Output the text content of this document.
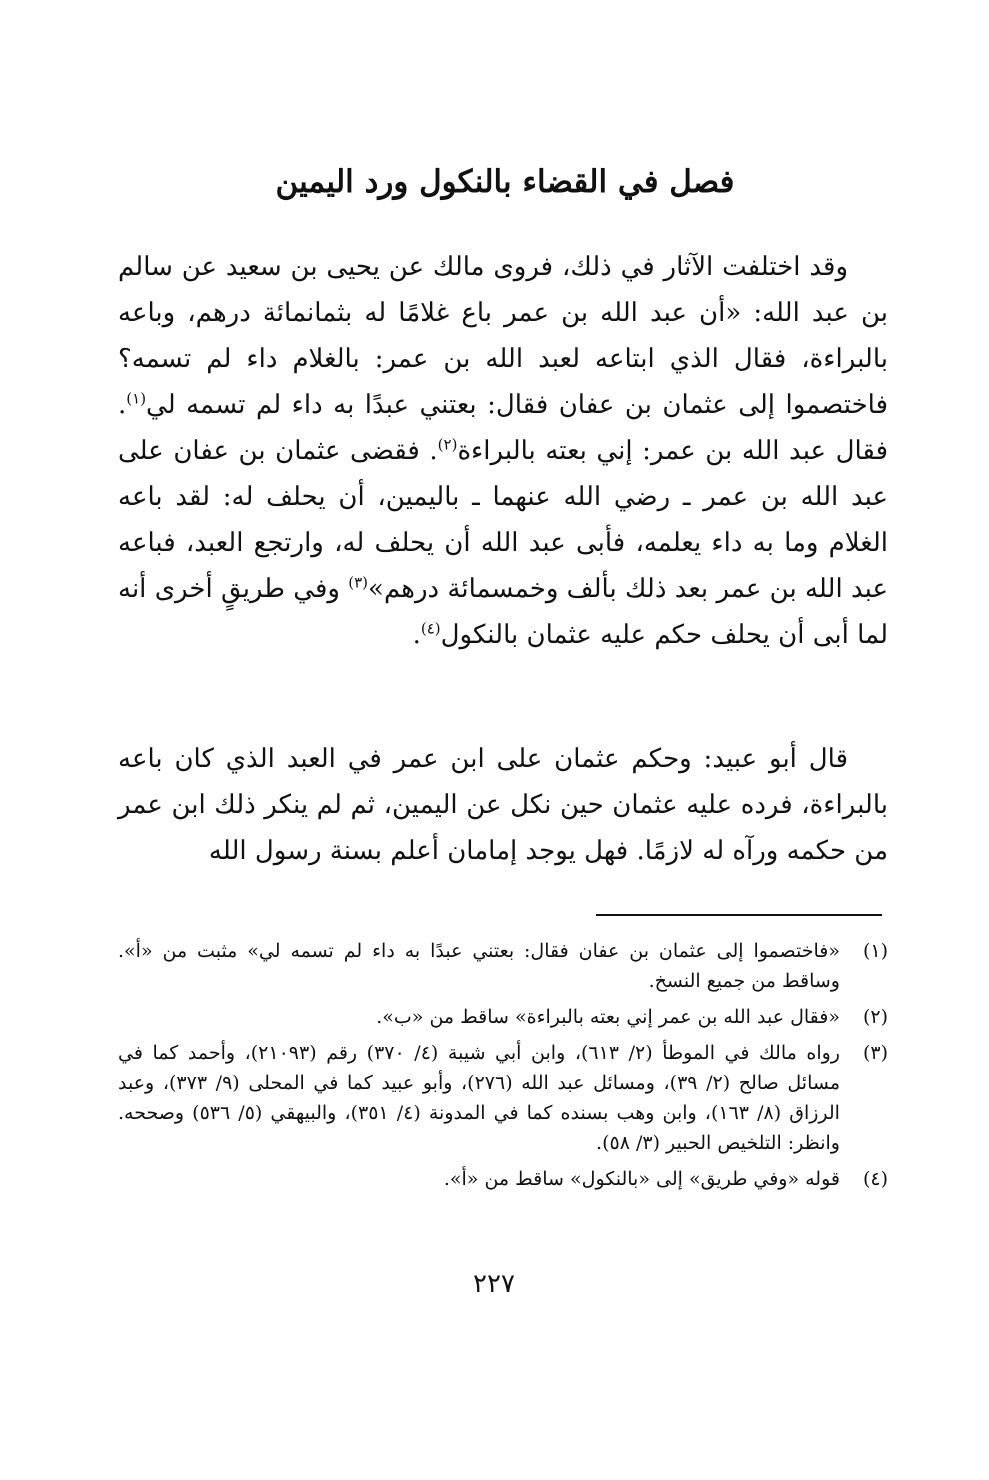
فصل في القضاء بالنكول ورد اليمين
وقد اختلفت الآثار في ذلك، فروى مالك عن يحيى بن سعيد عن سالم بن عبد الله: «أن عبد الله بن عمر باع غلامًا له بثمانمائة درهم، وباعه بالبراءة، فقال الذي ابتاعه لعبد الله بن عمر: بالغلام داء لم تسمه؟ فاختصموا إلى عثمان بن عفان فقال: بعتني عبدًا به داء لم تسمه لي$^{(١)}$. فقال عبد الله بن عمر: إني بعته بالبراءة$^{(٢)}$. فقضى عثمان بن عفان على عبد الله بن عمر ـ رضي الله عنهما ـ باليمين، أن يحلف له: لقد باعه الغلام وما به داء يعلمه، فأبى عبد الله أن يحلف له، وارتجع العبد، فباعه عبد الله بن عمر بعد ذلك بألف وخمسمائة درهم»$^{(٣)}$ وفي طريقٍ أخرى أنه لما أبى أن يحلف حكم عليه عثمان بالنكول$^{(٤)}$.
قال أبو عبيد: وحكم عثمان على ابن عمر في العبد الذي كان باعه بالبراءة، فرده عليه عثمان حين نكل عن اليمين، ثم لم ينكر ذلك ابن عمر من حكمه ورآه له لازمًا. فهل يوجد إمامان أعلم بسنة رسول الله
(١)
«فاختصموا إلى عثمان بن عفان فقال: بعتني عبدًا به داء لم تسمه لي» مثبت من «أ». وساقط من جميع النسخ.
(٢)
«فقال عبد الله بن عمر إني بعته بالبراءة» ساقط من «ب».
(٣)
رواه مالك في الموطأ (٢/ ٦١٣)، وابن أبي شيبة (٤/ ٣٧٠) رقم (٢١٠٩٣)، وأحمد كما في مسائل صالح (٢/ ٣٩)، ومسائل عبد الله (٢٧٦)، وأبو عبيد كما في المحلى (٩/ ٣٧٣)، وعبد الرزاق (٨/ ١٦٣)، وابن وهب بسنده كما في المدونة (٤/ ٣٥١)، والبيهقي (٥/ ٥٣٦) وصححه. وانظر: التلخيص الحبير (٣/ ٥٨).
(٤)
قوله «وفي طريق» إلى «بالنكول» ساقط من «أ».
٢٢٧
